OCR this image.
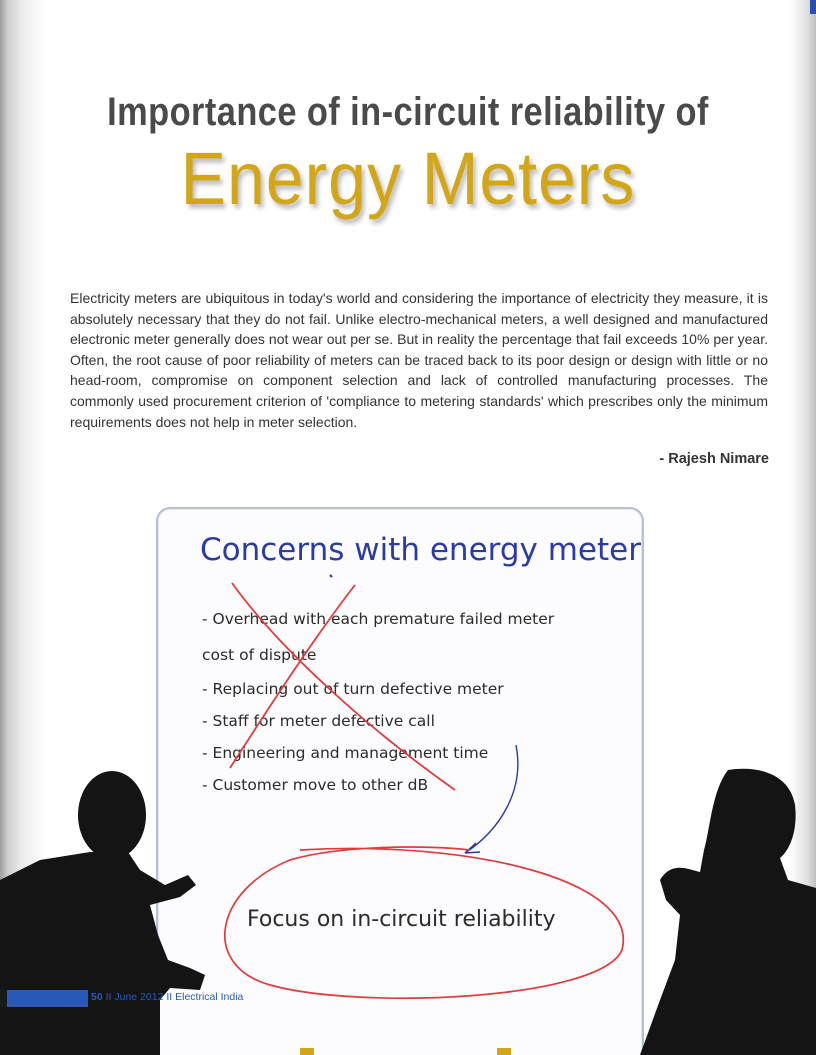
Importance of in-circuit reliability of
Energy Meters
Electricity meters are ubiquitous in today's world and considering the importance of electricity they measure, it is absolutely necessary that they do not fail. Unlike electro-mechanical meters, a well designed and manufactured electronic meter generally does not wear out per se. But in reality the percentage that fail exceeds 10% per year. Often, the root cause of poor reliability of meters can be traced back to its poor design or design with little or no head-room, compromise on component selection and lack of controlled manufacturing processes. The commonly used procurement criterion of 'compliance to metering standards' which prescribes only the minimum requirements does not help in meter selection.
- Rajesh Nimare
Concerns with energy meter
- Overhead with each premature failed meter
cost of dispute
- Replacing out of turn defective meter
- Staff for meter defective call
- Engineering and management time
- Customer move to other dB
Focus on in-circuit reliability
50 II June 2012 II Electrical India
